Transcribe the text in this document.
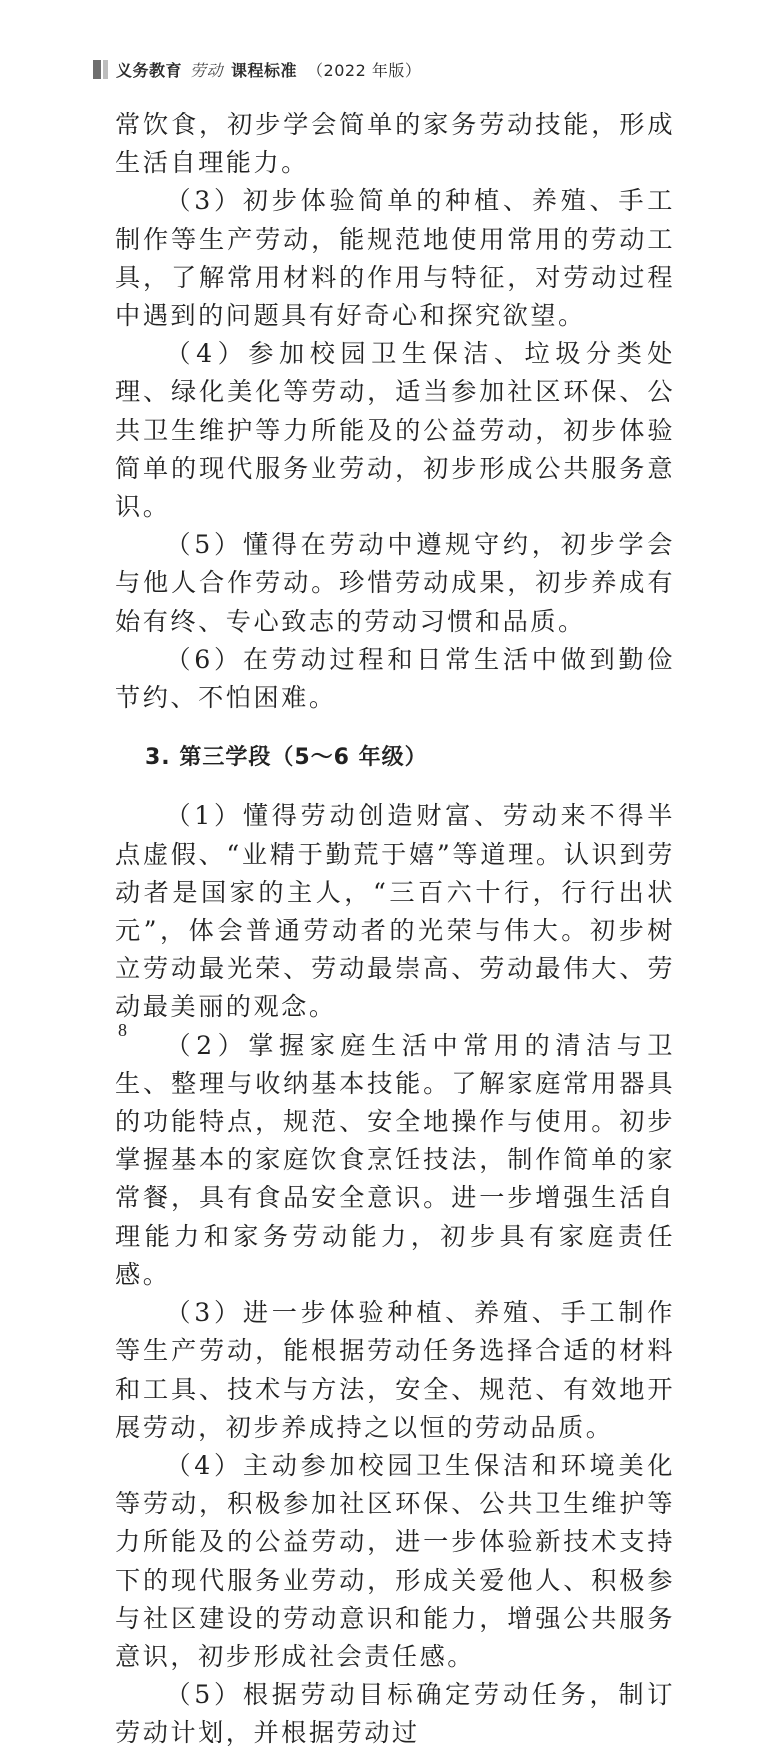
义务教育 劳动 课程标准 （2022 年版）

常饮食，初步学会简单的家务劳动技能，形成生活自理能力。

（3）初步体验简单的种植、养殖、手工制作等生产劳动，能规范地使用常用的劳动工具，了解常用材料的作用与特征，对劳动过程中遇到的问题具有好奇心和探究欲望。

（4）参加校园卫生保洁、垃圾分类处理、绿化美化等劳动，适当参加社区环保、公共卫生维护等力所能及的公益劳动，初步体验简单的现代服务业劳动，初步形成公共服务意识。

（5）懂得在劳动中遵规守约，初步学会与他人合作劳动。珍惜劳动成果，初步养成有始有终、专心致志的劳动习惯和品质。

（6）在劳动过程和日常生活中做到勤俭节约、不怕困难。

3. 第三学段（5～6 年级）

（1）懂得劳动创造财富、劳动来不得半点虚假、“业精于勤荒于嬉”等道理。认识到劳动者是国家的主人，“三百六十行，行行出状元”，体会普通劳动者的光荣与伟大。初步树立劳动最光荣、劳动最崇高、劳动最伟大、劳动最美丽的观念。

（2）掌握家庭生活中常用的清洁与卫生、整理与收纳基本技能。了解家庭常用器具的功能特点，规范、安全地操作与使用。初步掌握基本的家庭饮食烹饪技法，制作简单的家常餐，具有食品安全意识。进一步增强生活自理能力和家务劳动能力，初步具有家庭责任感。

（3）进一步体验种植、养殖、手工制作等生产劳动，能根据劳动任务选择合适的材料和工具、技术与方法，安全、规范、有效地开展劳动，初步养成持之以恒的劳动品质。

（4）主动参加校园卫生保洁和环境美化等劳动，积极参加社区环保、公共卫生维护等力所能及的公益劳动，进一步体验新技术支持下的现代服务业劳动，形成关爱他人、积极参与社区建设的劳动意识和能力，增强公共服务意识，初步形成社会责任感。

（5）根据劳动目标确定劳动任务，制订劳动计划，并根据劳动过

8
